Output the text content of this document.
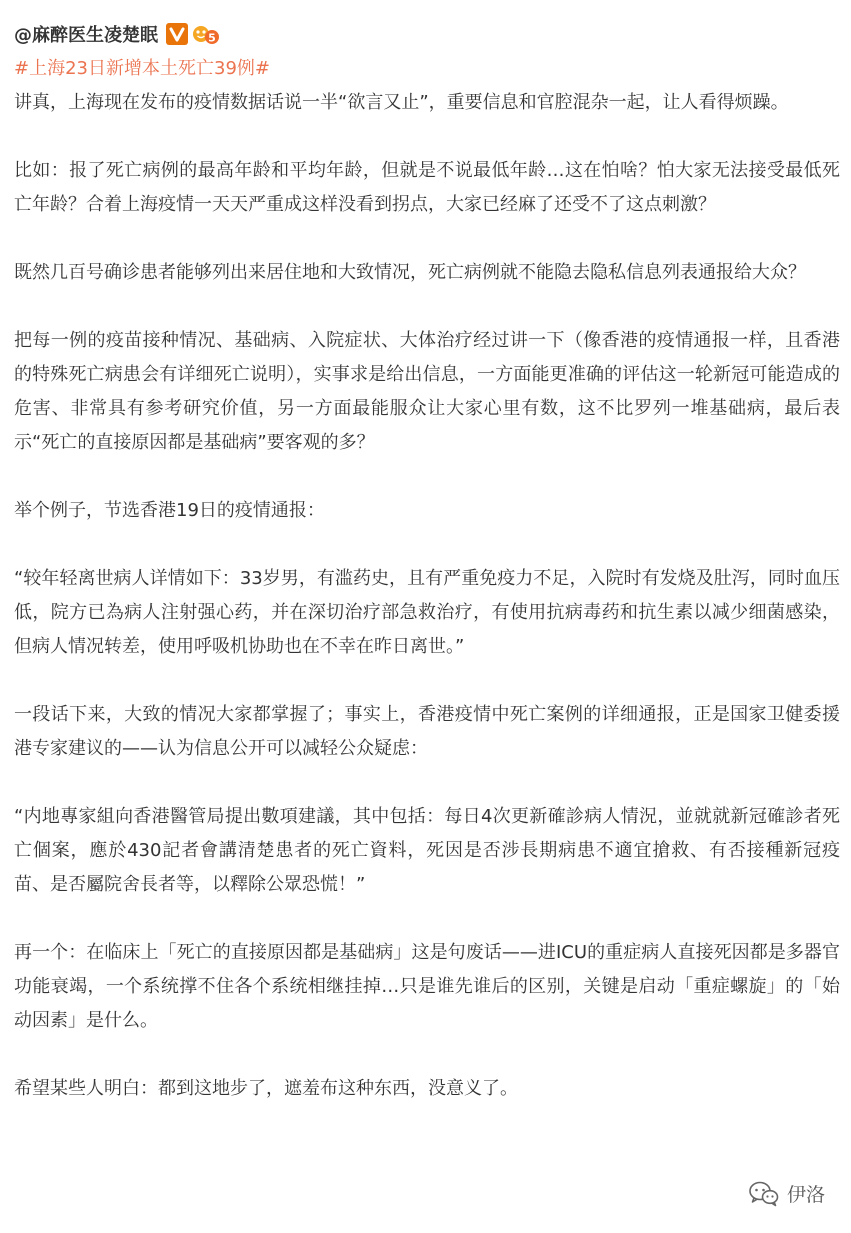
@麻醉医生凌楚眠	5
#上海23日新增本土死亡39例#

讲真，上海现在发布的疫情数据话说一半“欲言又止”，重要信息和官腔混杂一起，让人看得烦躁。

比如：报了死亡病例的最高年龄和平均年龄，但就是不说最低年龄…这在怕啥？怕大家无法接受最低死亡年龄？合着上海疫情一天天严重成这样没看到拐点，大家已经麻了还受不了这点刺激？

既然几百号确诊患者能够列出来居住地和大致情况，死亡病例就不能隐去隐私信息列表通报给大众？

把每一例的疫苗接种情况、基础病、入院症状、大体治疗经过讲一下（像香港的疫情通报一样，且香港的特殊死亡病患会有详细死亡说明），实事求是给出信息，一方面能更准确的评估这一轮新冠可能造成的危害、非常具有参考研究价值，另一方面最能服众让大家心里有数，这不比罗列一堆基础病，最后表示“死亡的直接原因都是基础病”要客观的多？

举个例子，节选香港19日的疫情通报：

“较年轻离世病人详情如下：33岁男，有滥药史，且有严重免疫力不足，入院时有发烧及肚泻，同时血压低，院方已為病人注射强心药，并在深切治疗部急救治疗，有使用抗病毒药和抗生素以减少细菌感染，但病人情况转差，使用呼吸机协助也在不幸在昨日离世。”

一段话下来，大致的情况大家都掌握了；事实上，香港疫情中死亡案例的详细通报，正是国家卫健委援港专家建议的——认为信息公开可以减轻公众疑虑：

“内地專家組向香港醫管局提出數項建議，其中包括：每日4次更新確診病人情況，並就就新冠確診者死亡個案，應於430記者會講清楚患者的死亡資料，死因是否涉長期病患不適宜搶救、有否接種新冠疫苗、是否屬院舍長者等，以釋除公眾恐慌！”

再一个：在临床上「死亡的直接原因都是基础病」这是句废话——进ICU的重症病人直接死因都是多器官功能衰竭，一个系统撑不住各个系统相继挂掉…只是谁先谁后的区别，关键是启动「重症螺旋」的「始动因素」是什么。

希望某些人明白：都到这地步了，遮羞布这种东西，没意义了。

伊洛
